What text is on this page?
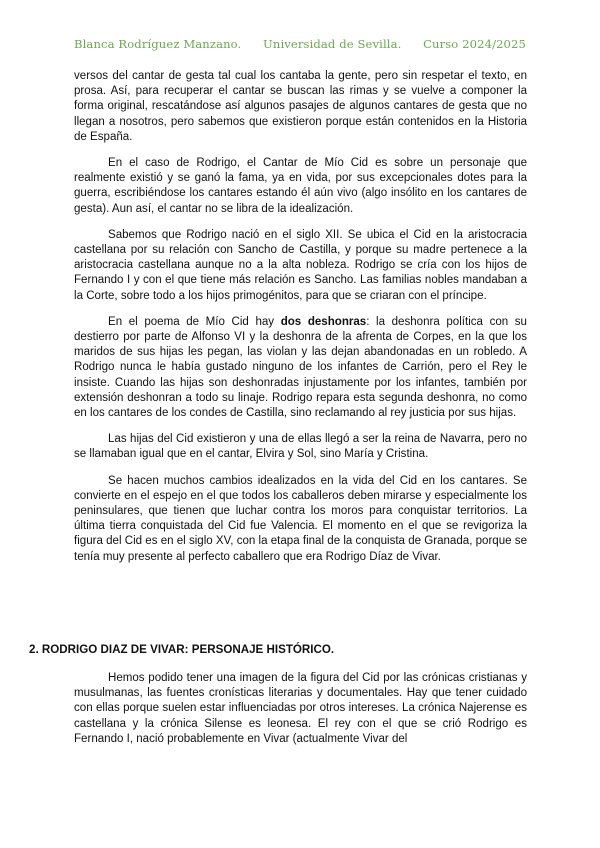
Blanca Rodríguez Manzano. Universidad de Sevilla. Curso 2024/2025

versos del cantar de gesta tal cual los cantaba la gente, pero sin respetar el texto, en prosa. Así, para recuperar el cantar se buscan las rimas y se vuelve a componer la forma original, rescatándose así algunos pasajes de algunos cantares de gesta que no llegan a nosotros, pero sabemos que existieron porque están contenidos en la Historia de España.

En el caso de Rodrigo, el Cantar de Mío Cid es sobre un personaje que realmente existió y se ganó la fama, ya en vida, por sus excepcionales dotes para la guerra, escribiéndose los cantares estando él aún vivo (algo insólito en los cantares de gesta). Aun así, el cantar no se libra de la idealización.

Sabemos que Rodrigo nació en el siglo XII. Se ubica el Cid en la aristocracia castellana por su relación con Sancho de Castilla, y porque su madre pertenece a la aristocracia castellana aunque no a la alta nobleza. Rodrigo se cría con los hijos de Fernando I y con el que tiene más relación es Sancho. Las familias nobles mandaban a la Corte, sobre todo a los hijos primogénitos, para que se criaran con el príncipe.

En el poema de Mío Cid hay dos deshonras: la deshonra política con su destierro por parte de Alfonso VI y la deshonra de la afrenta de Corpes, en la que los maridos de sus hijas les pegan, las violan y las dejan abandonadas en un robledo. A Rodrigo nunca le había gustado ninguno de los infantes de Carrión, pero el Rey le insiste. Cuando las hijas son deshonradas injustamente por los infantes, también por extensión deshonran a todo su linaje. Rodrigo repara esta segunda deshonra, no como en los cantares de los condes de Castilla, sino reclamando al rey justicia por sus hijas.

Las hijas del Cid existieron y una de ellas llegó a ser la reina de Navarra, pero no se llamaban igual que en el cantar, Elvira y Sol, sino María y Cristina.

Se hacen muchos cambios idealizados en la vida del Cid en los cantares. Se convierte en el espejo en el que todos los caballeros deben mirarse y especialmente los peninsulares, que tienen que luchar contra los moros para conquistar territorios. La última tierra conquistada del Cid fue Valencia. El momento en el que se revigoriza la figura del Cid es en el siglo XV, con la etapa final de la conquista de Granada, porque se tenía muy presente al perfecto caballero que era Rodrigo Díaz de Vivar.

2. RODRIGO DIAZ DE VIVAR: PERSONAJE HISTÓRICO.

Hemos podido tener una imagen de la figura del Cid por las crónicas cristianas y musulmanas, las fuentes cronísticas literarias y documentales. Hay que tener cuidado con ellas porque suelen estar influenciadas por otros intereses. La crónica Najerense es castellana y la crónica Silense es leonesa. El rey con el que se crió Rodrigo es Fernando I, nació probablemente en Vivar (actualmente Vivar del
